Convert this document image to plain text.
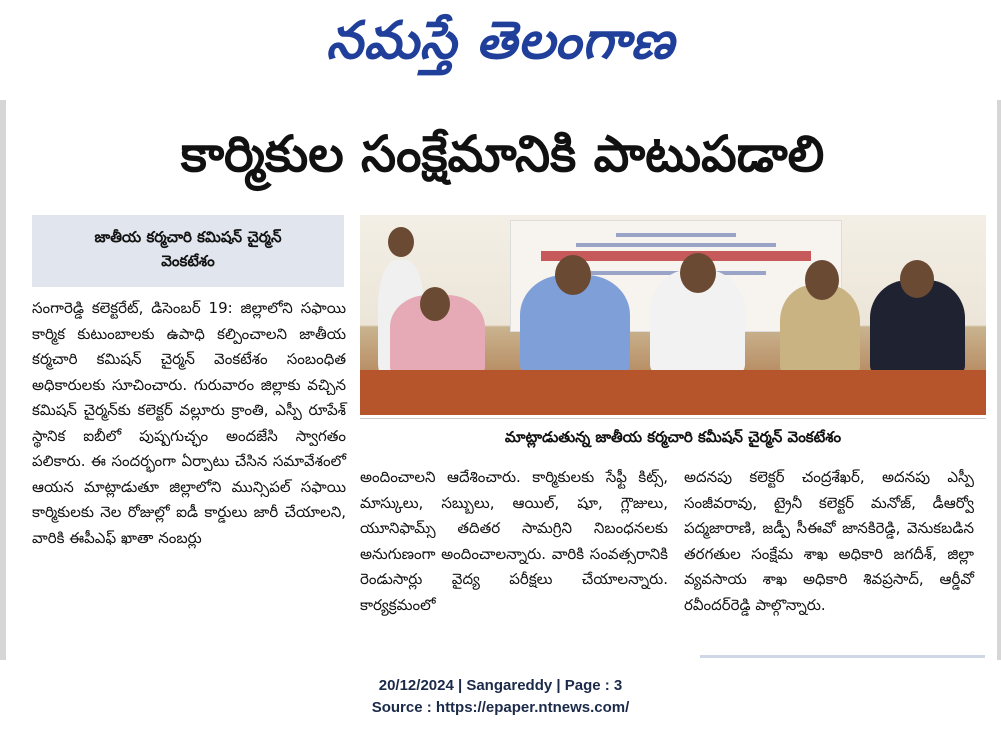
నమస్తే తెలంగాణ
కార్మికుల సంక్షేమానికి పాటుపడాలి
జాతీయ కర్మచారి కమిషన్ చైర్మన్
వెంకటేశం
సంగారెడ్డి కలెక్టరేట్, డిసెంబర్ 19: జిల్లాలోని సఫాయి కార్మిక కుటుంబాలకు ఉపాధి కల్పించాలని జాతీయ కర్మచారి కమిషన్ చైర్మన్ వెంకటేశం సంబంధిత అధికారులకు సూచించారు. గురువారం జిల్లాకు వచ్చిన కమిషన్ చైర్మన్‌కు కలెక్టర్ వల్లూరు క్రాంతి, ఎస్పీ రూపేశ్ స్థానిక ఐబీలో పుష్పగుచ్ఛం అందజేసి స్వాగతం పలికారు. ఈ సందర్భంగా ఏర్పాటు చేసిన సమావేశంలో ఆయన మాట్లాడుతూ జిల్లాలోని మున్సిపల్ సఫాయి కార్మికులకు నెల రోజుల్లో ఐడీ కార్డులు జారీ చేయాలని, వారికి ఈపీఎఫ్ ఖాతా నంబర్లు
మాట్లాడుతున్న జాతీయ కర్మచారి కమీషన్ చైర్మన్ వెంకటేశం
అందించాలని ఆదేశించారు. కార్మికులకు సేఫ్టీ కిట్స్, మాస్కులు, సబ్బులు, ఆయిల్, షూ, గ్లౌజులు, యూనిఫామ్స్ తదితర సామగ్రిని నిబంధనలకు అనుగుణంగా అందించాలన్నారు. వారికి సంవత్సరానికి రెండుసార్లు వైద్య పరీక్షలు చేయాలన్నారు. కార్యక్రమంలో
అదనపు కలెక్టర్ చంద్రశేఖర్, అదనపు ఎస్పీ సంజీవరావు, ట్రైనీ కలెక్టర్ మనోజ్, డీఆర్వో పద్మజారాణి, జడ్పీ సీఈవో జానకిరెడ్డి, వెనుకబడిన తరగతుల సంక్షేమ శాఖ అధికారి జగదీశ్, జిల్లా వ్యవసాయ శాఖ అధికారి శివప్రసాద్, ఆర్డీవో రవీందర్‌రెడ్డి పాల్గొన్నారు.
20/12/2024 | Sangareddy | Page : 3
Source : https://epaper.ntnews.com/
